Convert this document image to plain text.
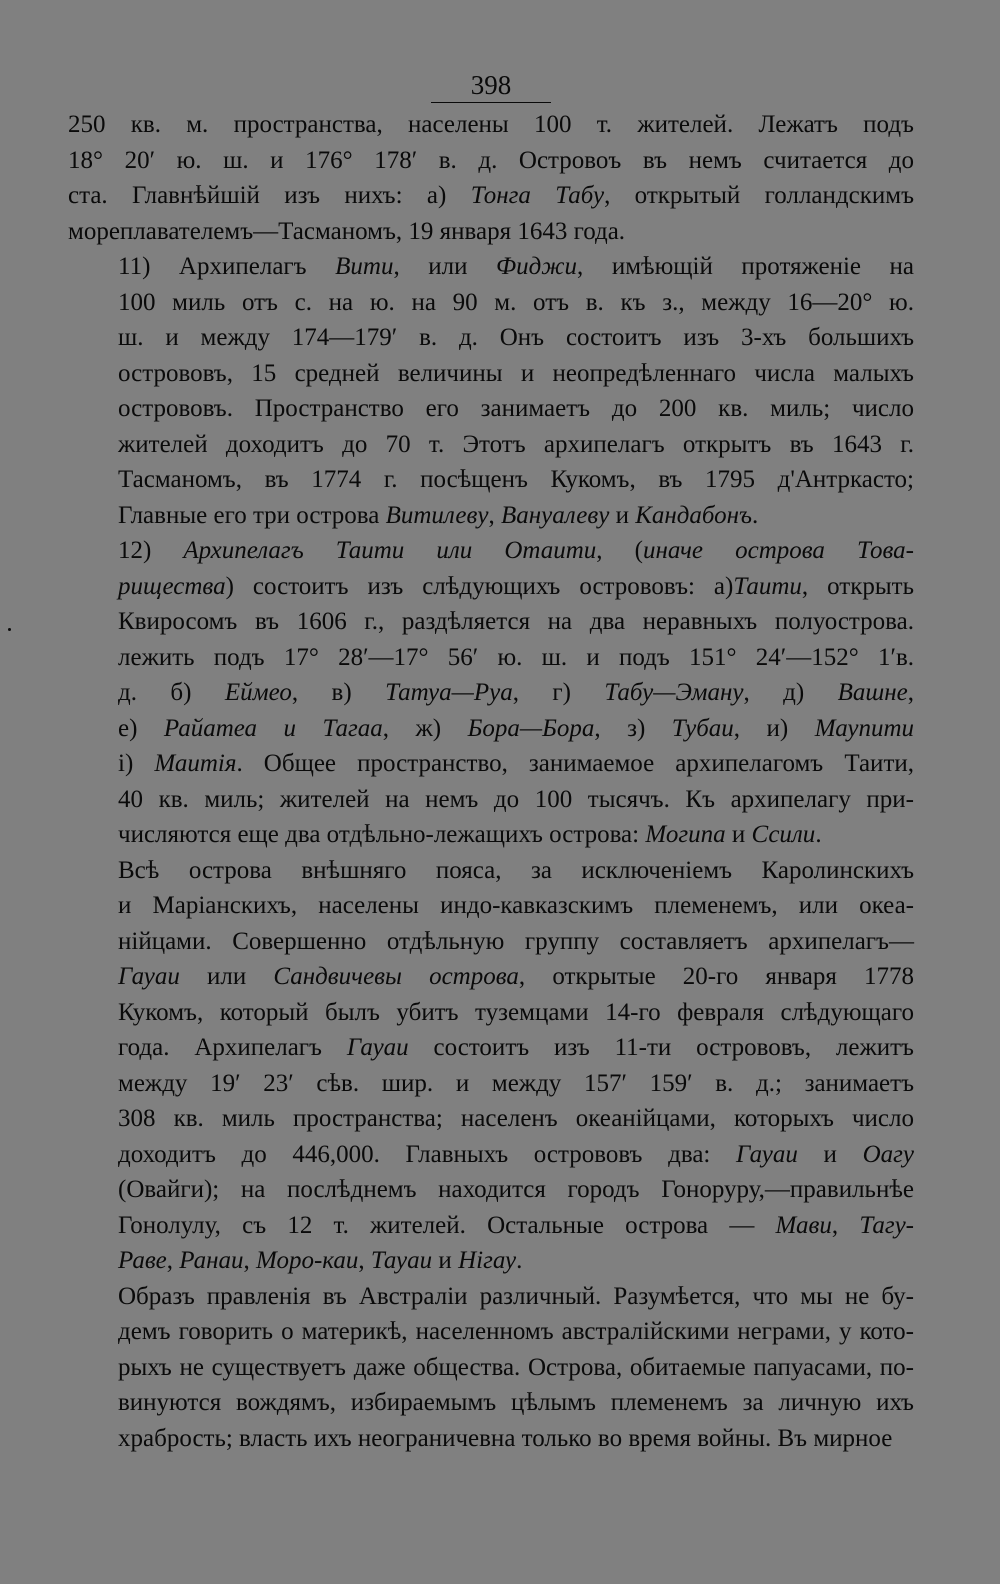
398

250 кв. м. пространства, населены 100 т. жителей. Лежатъ подъ
18° 20′ ю. ш. и 176° 178′ в. д. Островоъ въ немъ считается до
ста. Главнѣйшій изъ нихъ: а) Тонга Табу, открытый голландскимъ
мореплавателемъ—Тасманомъ, 19 января 1643 года.

11) Архипелагъ Вити, или Фиджи, имѣющій протяженіе на
100 миль отъ с. на ю. на 90 м. отъ в. къ з., между 16—20° ю.
ш. и между 174—179′ в. д. Онъ состоитъ изъ 3-хъ большихъ
острововъ, 15 средней величины и неопредѣленнаго числа малыхъ
острововъ. Пространство его занимаетъ до 200 кв. миль; число
жителей доходитъ до 70 т. Этотъ архипелагъ открытъ въ 1643 г.
Тасманомъ, въ 1774 г. посѣщенъ Кукомъ, въ 1795 д'Антркасто;
Главные его три острова Витилеву, Вануалеву и Кандабонъ.

12) Архипелагъ Таити или Отаити, (иначе острова Това-
рищества) состоитъ изъ слѣдующихъ острововъ: а)Таити, открыть
Квиросомъ въ 1606 г., раздѣляется на два неравныхъ полуострова.
лежить подъ 17° 28′—17° 56′ ю. ш. и подъ 151° 24′—152° 1′в.
д. б) Еймео, в) Татуа—Руа, г) Табу—Эману, д) Вашне,
е) Райатеа и Тагаа, ж) Бора—Бора, з) Тубаи, и) Маупити
і) Маитія. Общее пространство, занимаемое архипелагомъ Таити,
40 кв. миль; жителей на немъ до 100 тысячъ. Къ архипелагу при-
числяются еще два отдѣльно-лежащихъ острова: Могипа и Ссили.

Всѣ острова внѣшняго пояса, за исключеніемъ Каролинскихъ
и Маріанскихъ, населены индо-кавказскимъ племенемъ, или океа-
нійцами. Совершенно отдѣльную группу составляетъ архипелагъ—
Гауаи или Сандвичевы острова, открытые 20-го января 1778
Кукомъ, который былъ убитъ туземцами 14-го февраля слѣдующаго
года. Архипелагъ Гауаи состоитъ изъ 11-ти острововъ, лежитъ
между 19′ 23′ сѣв. шир. и между 157′ 159′ в. д.; занимаетъ
308 кв. миль пространства; населенъ океанійцами, которыхъ число
доходитъ до 446,000. Главныхъ острововъ два: Гауаи и Оагу
(Овайги); на послѣднемъ находится городъ Гоноруру,—правильнѣе
Гонолулу, съ 12 т. жителей. Остальные острова — Мави, Тагу-
Раве, Ранаи, Моро-каи, Тауаи и Нігау.

Образъ правленія въ Австраліи различный. Разумѣется, что мы не бу-
демъ говорить о материкѣ, населенномъ австралійскими неграми, у кото-
рыхъ не существуетъ даже общества. Острова, обитаемые папуасами, по-
винуются вождямъ, избираемымъ цѣлымъ племенемъ за личную ихъ
храбрость; власть ихъ неограничевна только во время войны. Въ мирное
